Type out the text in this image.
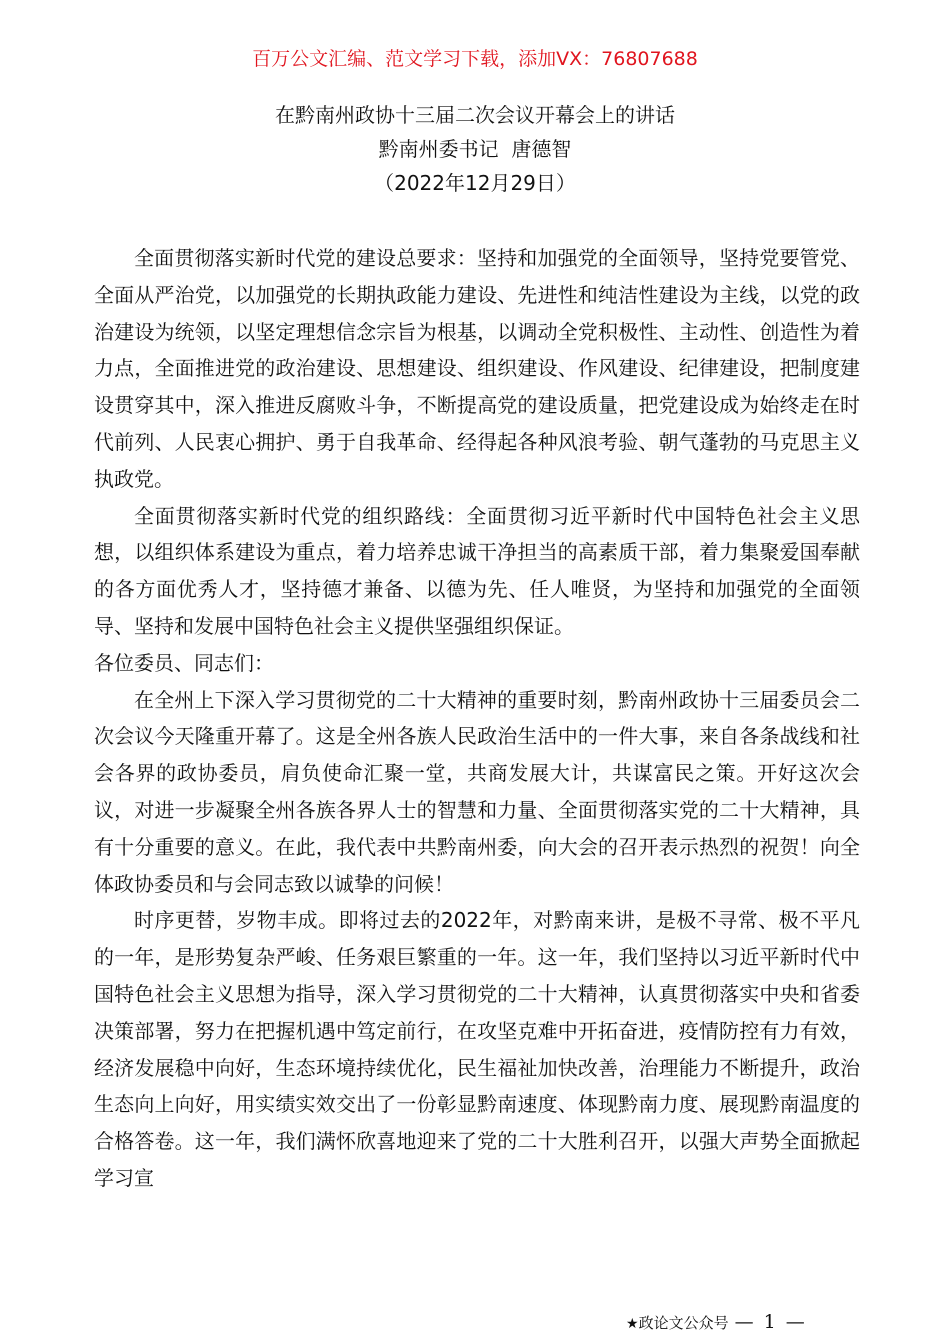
百万公文汇编、范文学习下载，添加VX：76807688

在黔南州政协十三届二次会议开幕会上的讲话

黔南州委书记  唐德智

（2022年12月29日）

全面贯彻落实新时代党的建设总要求：坚持和加强党的全面领导，坚持党要管党、全面从严治党，以加强党的长期执政能力建设、先进性和纯洁性建设为主线，以党的政治建设为统领，以坚定理想信念宗旨为根基，以调动全党积极性、主动性、创造性为着力点，全面推进党的政治建设、思想建设、组织建设、作风建设、纪律建设，把制度建设贯穿其中，深入推进反腐败斗争，不断提高党的建设质量，把党建设成为始终走在时代前列、人民衷心拥护、勇于自我革命、经得起各种风浪考验、朝气蓬勃的马克思主义执政党。

全面贯彻落实新时代党的组织路线：全面贯彻习近平新时代中国特色社会主义思想，以组织体系建设为重点，着力培养忠诚干净担当的高素质干部，着力集聚爱国奉献的各方面优秀人才，坚持德才兼备、以德为先、任人唯贤，为坚持和加强党的全面领导、坚持和发展中国特色社会主义提供坚强组织保证。

各位委员、同志们：

在全州上下深入学习贯彻党的二十大精神的重要时刻，黔南州政协十三届委员会二次会议今天隆重开幕了。这是全州各族人民政治生活中的一件大事，来自各条战线和社会各界的政协委员，肩负使命汇聚一堂，共商发展大计，共谋富民之策。开好这次会议，对进一步凝聚全州各族各界人士的智慧和力量、全面贯彻落实党的二十大精神，具有十分重要的意义。在此，我代表中共黔南州委，向大会的召开表示热烈的祝贺！向全体政协委员和与会同志致以诚挚的问候！

时序更替，岁物丰成。即将过去的2022年，对黔南来讲，是极不寻常、极不平凡的一年，是形势复杂严峻、任务艰巨繁重的一年。这一年，我们坚持以习近平新时代中国特色社会主义思想为指导，深入学习贯彻党的二十大精神，认真贯彻落实中央和省委决策部署，努力在把握机遇中笃定前行，在攻坚克难中开拓奋进，疫情防控有力有效，经济发展稳中向好，生态环境持续优化，民生福祉加快改善，治理能力不断提升，政治生态向上向好，用实绩实效交出了一份彰显黔南速度、体现黔南力度、展现黔南温度的合格答卷。这一年，我们满怀欣喜地迎来了党的二十大胜利召开，以强大声势全面掀起学习宣

★政论文公众号 — 1 —
